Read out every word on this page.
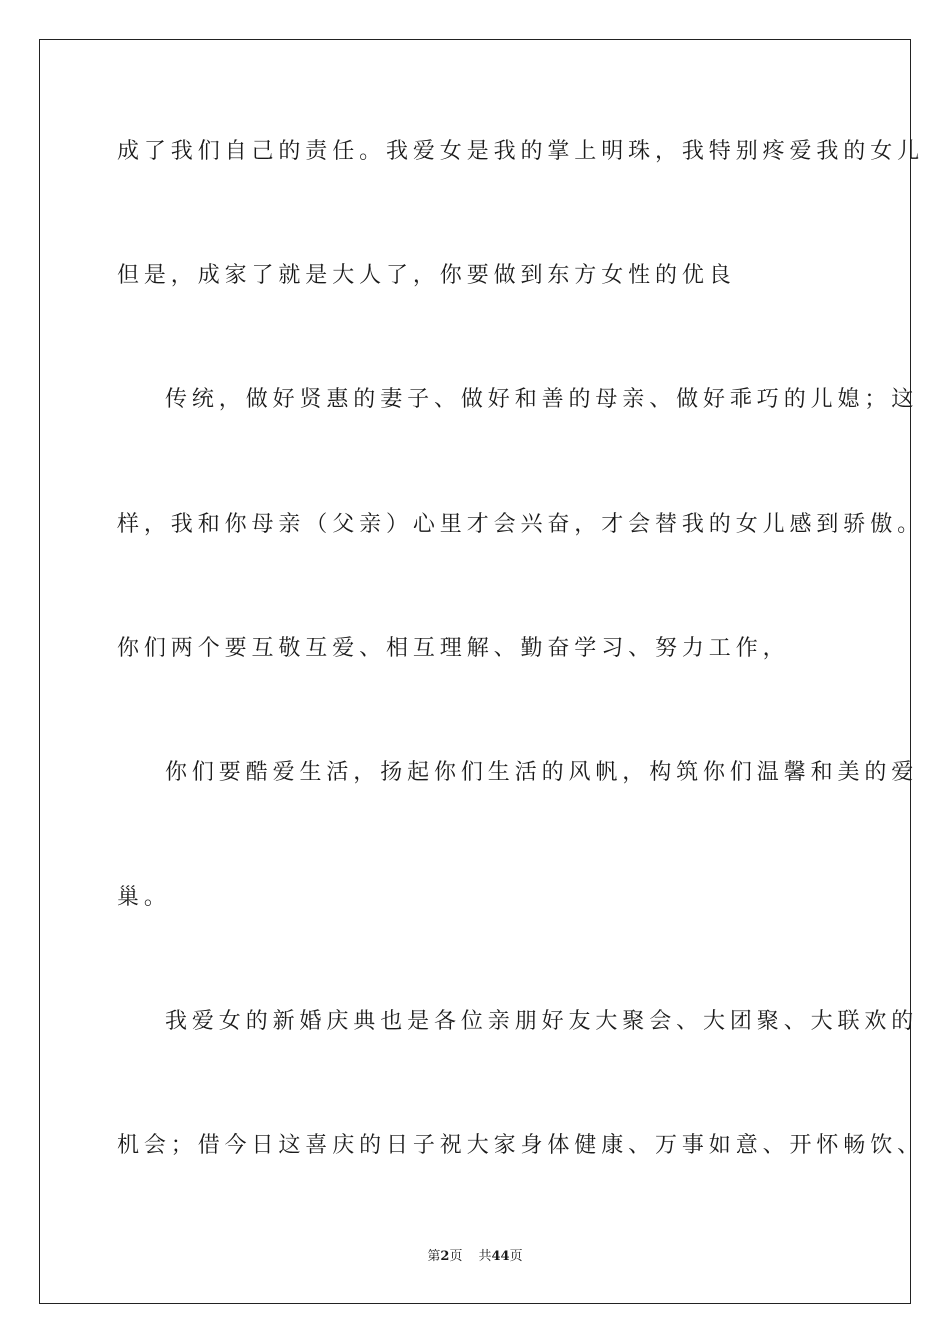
成了我们自己的责任。我爱女是我的掌上明珠，我特别疼爱我的女儿
但是，成家了就是大人了，你要做到东方女性的优良
传统，做好贤惠的妻子、做好和善的母亲、做好乖巧的儿媳；这
样，我和你母亲（父亲）心里才会兴奋，才会替我的女儿感到骄傲。
你们两个要互敬互爱、相互理解、勤奋学习、努力工作，
你们要酷爱生活，扬起你们生活的风帆，构筑你们温馨和美的爱
巢。
我爱女的新婚庆典也是各位亲朋好友大聚会、大团聚、大联欢的
机会；借今日这喜庆的日子祝大家身体健康、万事如意、开怀畅饮、
第2页 共44页
